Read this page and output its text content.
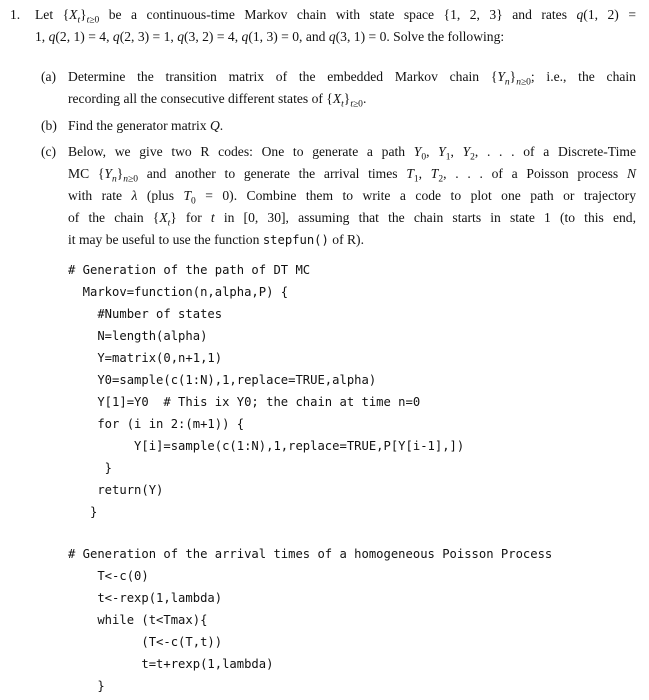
1. Let $\{X_t\}_{t\ge 0}$ be a continuous-time Markov chain with state space {1, 2, 3} and rates q(1, 2) =
1, q(2, 1) = 4, q(2, 3) = 1, q(3, 2) = 4, q(1, 3) = 0, and q(3, 1) = 0. Solve the following:
(a) Determine the transition matrix of the embedded Markov chain $\{Y_n\}_{n\ge 0}$; i.e., the chain
recording all the consecutive different states of $\{X_t\}_{t\ge 0}$.
(b) Find the generator matrix Q.
(c) Below, we give two R codes: One to generate a path $Y_0$, $Y_1$, $Y_2$, . . . of a Discrete-Time
MC $\{Y_n\}_{n\ge 0}$ and another to generate the arrival times $T_1$, $T_2$, . . . of a Poisson process N
with rate λ (plus $T_0 = 0$). Combine them to write a code to plot one path or trajectory
of the chain $\{X_t\}$ for t in [0, 30], assuming that the chain starts in state 1 (to this end,
it may be useful to use the function stepfun() of R).
# Generation of the path of DT MC
Markov=function(n,alpha,P) {
#Number of states
N=length(alpha)
Y=matrix(0,n+1,1)
Y0=sample(c(1:N),1,replace=TRUE,alpha)
Y[1]=Y0  # This ix Y0; the chain at time n=0
for (i in 2:(m+1)) {
Y[i]=sample(c(1:N),1,replace=TRUE,P[Y[i-1],])
}
return(Y)
}
# Generation of the arrival times of a homogeneous Poisson Process
T<-c(0)
t<-rexp(1,lambda)
while (t<Tmax){
(T<-c(T,t))
t=t+rexp(1,lambda)
}
